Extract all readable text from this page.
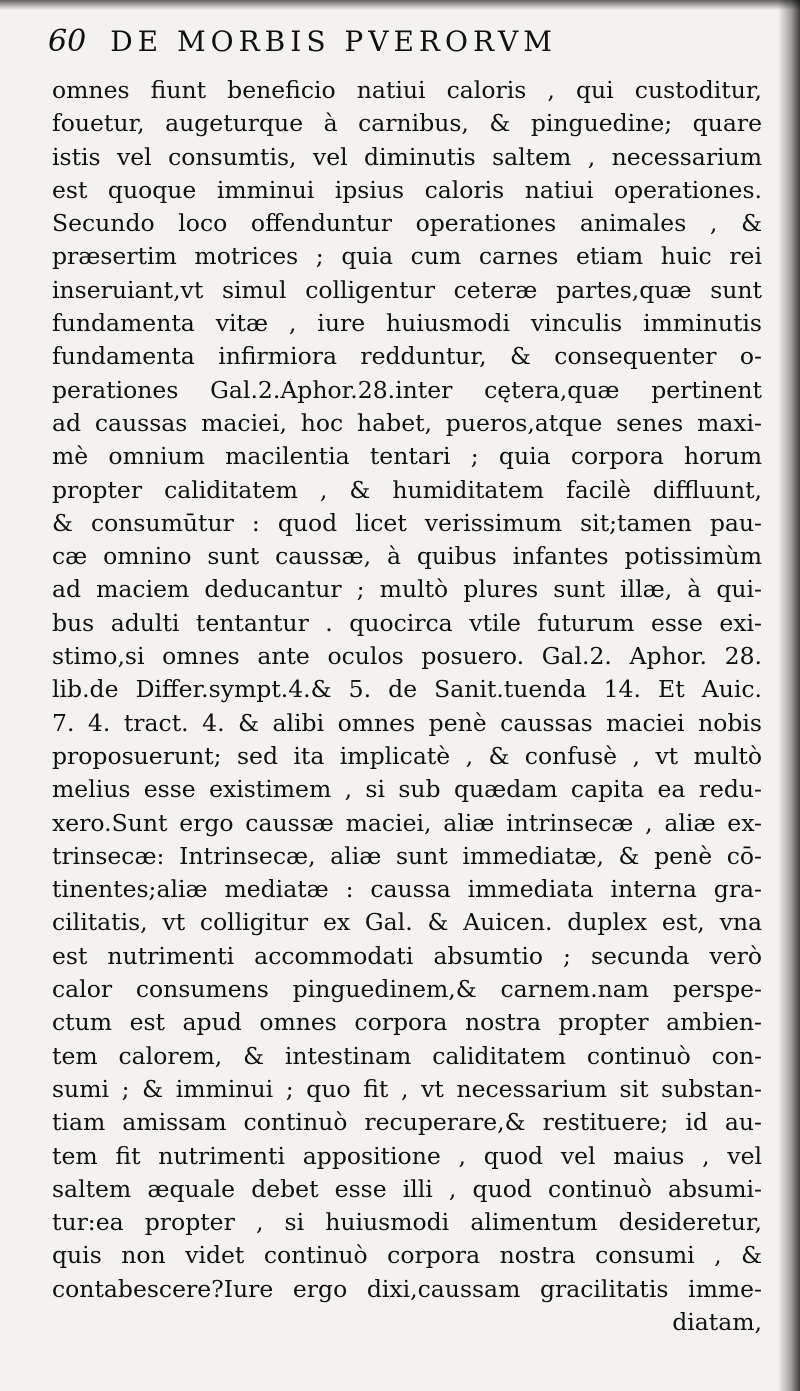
60 DE MORBIS PVERORVM
omnes fiunt beneficio natiui caloris , qui custoditur,
fouetur, augeturque à carnibus, & pinguedine; quare
istis vel consumtis, vel diminutis saltem , necessarium
est quoque imminui ipsius caloris natiui operationes.
Secundo loco offenduntur operationes animales , &
præsertim motrices ; quia cum carnes etiam huic rei
inseruiant,vt simul colligentur ceteræ partes,quæ sunt
fundamenta vitæ , iure huiusmodi vinculis imminutis
fundamenta infirmiora redduntur, & consequenter o-
perationes Gal.2.Aphor.28.inter cętera,quæ pertinent
ad caussas maciei, hoc habet, pueros,atque senes maxi-
mè omnium macilentia tentari ; quia corpora horum
propter caliditatem , & humiditatem facilè diffluunt,
& consumūtur : quod licet verissimum sit;tamen pau-
cæ omnino sunt caussæ, à quibus infantes potissimùm
ad maciem deducantur ; multò plures sunt illæ, à qui-
bus adulti tentantur . quocirca vtile futurum esse exi-
stimo,si omnes ante oculos posuero. Gal.2. Aphor. 28.
lib.de Differ.sympt.4.& 5. de Sanit.tuenda 14. Et Auic.
7. 4. tract. 4. & alibi omnes penè caussas maciei nobis
proposuerunt; sed ita implicatè , & confusè , vt multò
melius esse existimem , si sub quædam capita ea redu-
xero.Sunt ergo caussæ maciei, aliæ intrinsecæ , aliæ ex-
trinsecæ: Intrinsecæ, aliæ sunt immediatæ, & penè cō-
tinentes;aliæ mediatæ : caussa immediata interna gra-
cilitatis, vt colligitur ex Gal. & Auicen. duplex est, vna
est nutrimenti accommodati absumtio ; secunda verò
calor consumens pinguedinem,& carnem.nam perspe-
ctum est apud omnes corpora nostra propter ambien-
tem calorem, & intestinam caliditatem continuò con-
sumi ; & imminui ; quo fit , vt necessarium sit substan-
tiam amissam continuò recuperare,& restituere; id au-
tem fit nutrimenti appositione , quod vel maius , vel
saltem æquale debet esse illi , quod continuò absumi-
tur:ea propter , si huiusmodi alimentum desideretur,
quis non videt continuò corpora nostra consumi , &
contabescere?Iure ergo dixi,caussam gracilitatis imme-
diatam,
